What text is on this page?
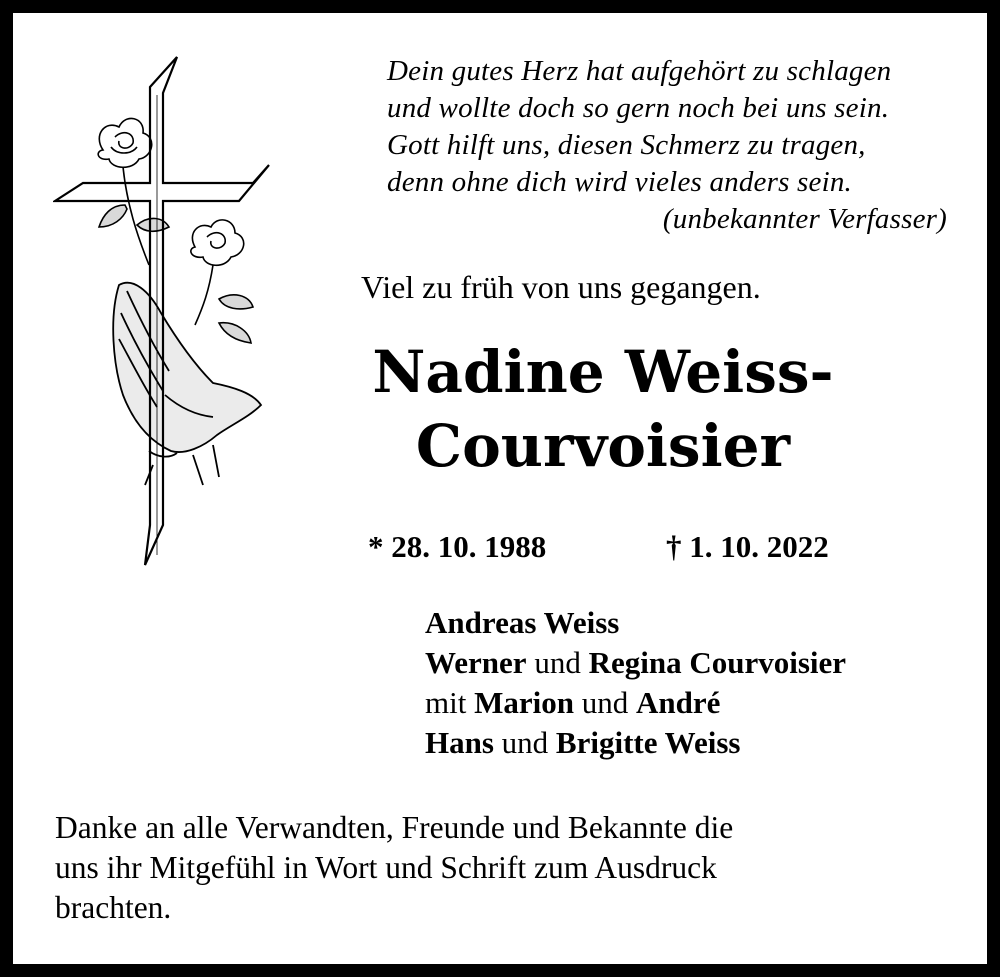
Dein gutes Herz hat aufgehört zu schlagen
und wollte doch so gern noch bei uns sein.
Gott hilft uns, diesen Schmerz zu tragen,
denn ohne dich wird vieles anders sein.
(unbekannter Verfasser)
Viel zu früh von uns gegangen.
Nadine Weiss-
Courvoisier
* 28. 10. 1988	† 1. 10. 2022
Andreas Weiss
Werner und Regina Courvoisier
mit Marion und André
Hans und Brigitte Weiss
Danke an alle Verwandten, Freunde und Bekannte die
uns ihr Mitgefühl in Wort und Schrift zum Ausdruck
brachten.
